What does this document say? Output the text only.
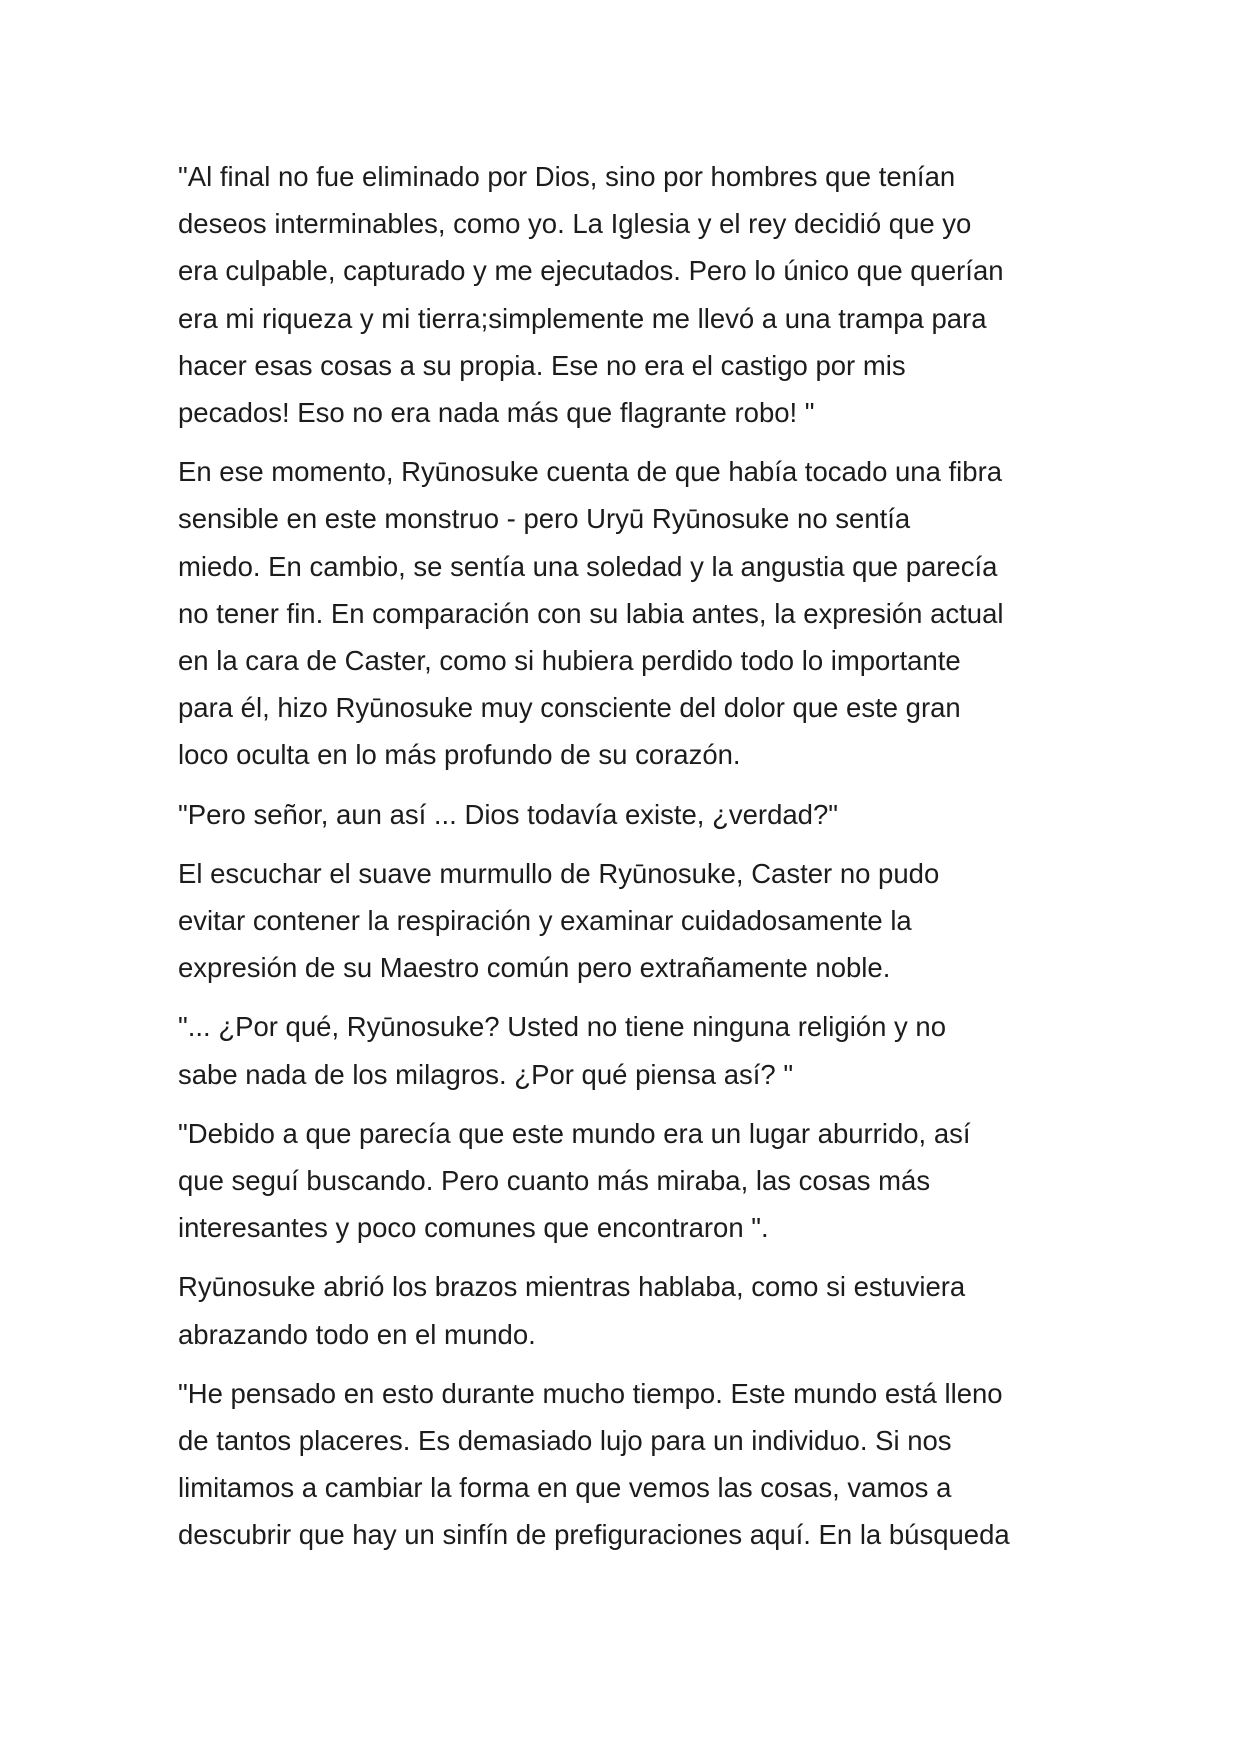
"Al final no fue eliminado por Dios, sino por hombres que tenían
deseos interminables, como yo. La Iglesia y el rey decidió que yo
era culpable, capturado y me ejecutados. Pero lo único que querían
era mi riqueza y mi tierra;simplemente me llevó a una trampa para
hacer esas cosas a su propia. Ese no era el castigo por mis
pecados! Eso no era nada más que flagrante robo! "

En ese momento, Ryūnosuke cuenta de que había tocado una fibra
sensible en este monstruo - pero Uryū Ryūnosuke no sentía
miedo. En cambio, se sentía una soledad y la angustia que parecía
no tener fin. En comparación con su labia antes, la expresión actual
en la cara de Caster, como si hubiera perdido todo lo importante
para él, hizo Ryūnosuke muy consciente del dolor que este gran
loco oculta en lo más profundo de su corazón.

"Pero señor, aun así ... Dios todavía existe, ¿verdad?"

El escuchar el suave murmullo de Ryūnosuke, Caster no pudo
evitar contener la respiración y examinar cuidadosamente la
expresión de su Maestro común pero extrañamente noble.

"... ¿Por qué, Ryūnosuke? Usted no tiene ninguna religión y no
sabe nada de los milagros. ¿Por qué piensa así? "

"Debido a que parecía que este mundo era un lugar aburrido, así
que seguí buscando. Pero cuanto más miraba, las cosas más
interesantes y poco comunes que encontraron ".

Ryūnosuke abrió los brazos mientras hablaba, como si estuviera
abrazando todo en el mundo.

"He pensado en esto durante mucho tiempo. Este mundo está lleno
de tantos placeres. Es demasiado lujo para un individuo. Si nos
limitamos a cambiar la forma en que vemos las cosas, vamos a
descubrir que hay un sinfín de prefiguraciones aquí. En la búsqueda
